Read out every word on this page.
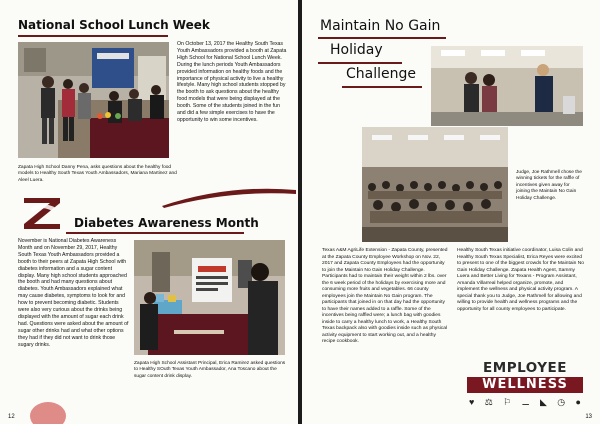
National School Lunch Week
On October 13, 2017 the Healthy South Texas Youth Ambassadors provided a booth at Zapata High School for National School Lunch Week. During the lunch periods Youth Ambassadors provided information on healthy foods and the importance of physical activity to live a healthy lifestyle. Many high school students stopped by the booth to ask questions about the healthy food models that were being displayed at the booth. Some of the students joined in the fun and did a few simple exercises to have the opportunity to win some incentives.
Zapata High School Danny Pena, asks questions about the healthy food models to Healthy South Texas Youth Ambassadors, Mariana Martinez and Aleel Luera.
Diabetes Awareness Month
November is National Diabetes Awareness Month and on November 29, 2017, Healthy South Texas Youth Ambassadors provided a booth to their peers at Zapata High School with diabetes information and a sugar content display. Many high school students approached the booth and had many questions about diabetes. Youth Ambassadors explained what may cause diabetes, symptoms to look for and how to prevent becoming diabetic. Students were also very curious about the drinks being displayed with the amount of sugar each drink had. Questions were asked about the amount of sugar other drinks had and what other options they had if they did not want to drink those sugary drinks.
Zapata High School Assistant Principal, Erica Ramirez asked questions to Healthy SOuth Texas Youth Ambassador, Ana Toscano about the sugar content drink display.
12
Maintain No Gain
Holiday
Challenge
Judge, Joe Rathmell chose the winning tickets for the raffle of incentives given away for joining the Maintain No Gain Holiday Challenge.
Texas A&M AgriLife Extension - Zapata County, presented at the Zapata County Employee Workshop on Nov. 22, 2017 and Zapata County Employees had the opportunity to join the Maintain No Gain Holiday Challenge. Participants had to maintain their weight within 2 lbs. over the 6 week period of the holidays by exercising more and consuming more fruits and vegetables. 66 county employees join the Maintain No Gain program. The participants that joined in on that day had the opportunity to have their names added to a raffle. Some of the incentives being raffled were; a lunch bag with goodies inside to carry a healthy lunch to work, a Healthy South Texas backpack also with goodies inside such as physical activity equipment to start working out, and a healthy recipe cookbook.
Healthy South Texas initiative coordinator, Luisa Colin and Healthy South Texas Specialist, Erica Reyes were excited to present to one of the biggest crowds for the Maintain No Gain Holiday Challenge. Zapata Health Agent, Sammy Luera and Better Living for Texans - Program Assistant, Amanda Villarreal helped organize, promote, and implement the wellness and physical activity program. A special thank you to Judge, Joe Rathmell for allowing and willing to provide health and wellness programs and the opportunity for all county employees to participate.
EMPLOYEE
WELLNESS
♥ ⚖ ⚐ ⚊ ◣ ◷ ●
13
